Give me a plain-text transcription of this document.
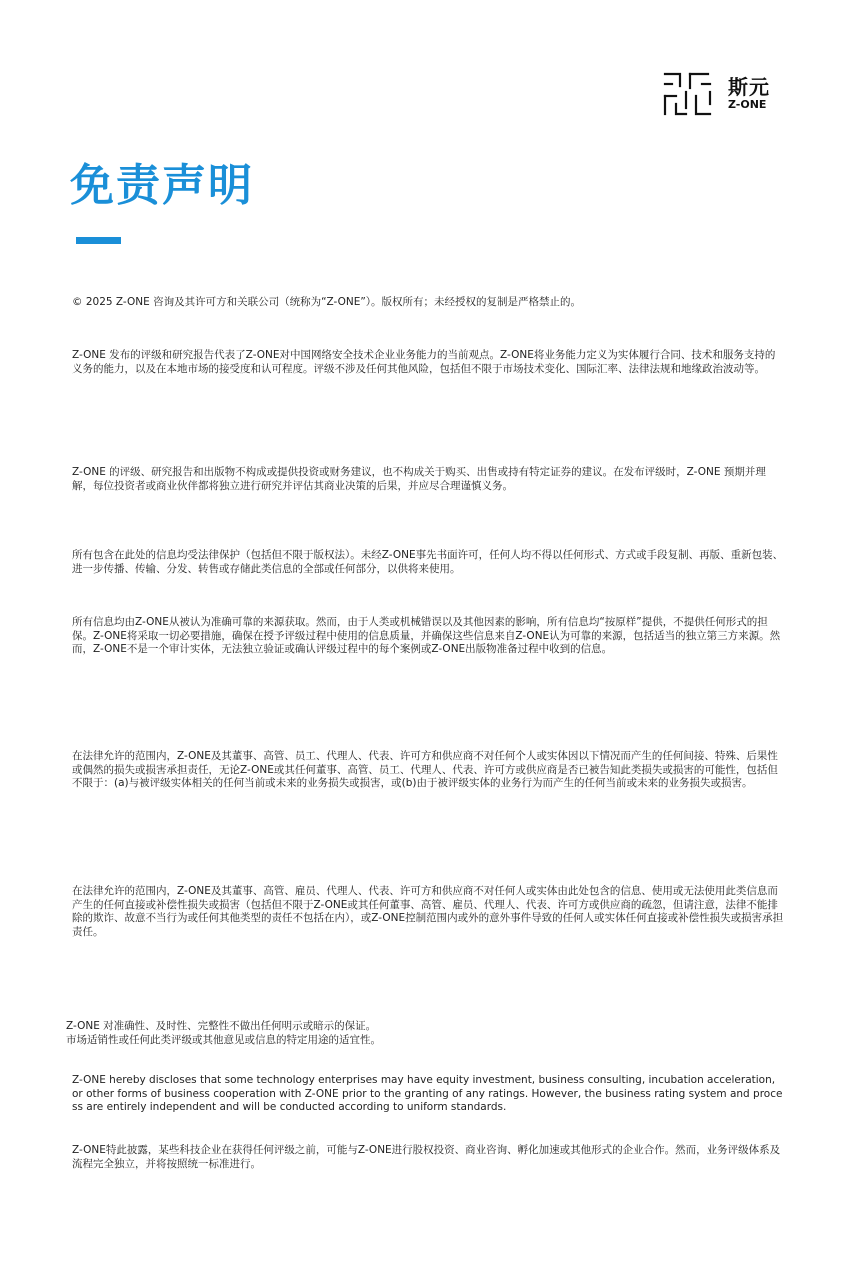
斯元
Z-ONE
免责声明

© 2025 Z-ONE 咨询及其许可方和关联公司（统称为“Z-ONE”）。版权所有；未经授权的复制是严格禁止的。

Z-ONE 发布的评级和研究报告代表了Z-ONE对中国网络安全技术企业业务能力的当前观点。Z-ONE将业务能力定义为实体履行合同、技术和服务支持的义务的能力，以及在本地市场的接受度和认可程度。评级不涉及任何其他风险，包括但不限于市场技术变化、国际汇率、法律法规和地缘政治波动等。

Z-ONE 的评级、研究报告和出版物不构成或提供投资或财务建议，也不构成关于购买、出售或持有特定证券的建议。在发布评级时，Z-ONE 预期并理解，每位投资者或商业伙伴都将独立进行研究并评估其商业决策的后果，并应尽合理谨慎义务。

所有包含在此处的信息均受法律保护（包括但不限于版权法）。未经Z-ONE事先书面许可，任何人均不得以任何形式、方式或手段复制、再版、重新包装、进一步传播、传输、分发、转售或存储此类信息的全部或任何部分，以供将来使用。

所有信息均由Z-ONE从被认为准确可靠的来源获取。然而，由于人类或机械错误以及其他因素的影响，所有信息均“按原样”提供，不提供任何形式的担保。Z-ONE将采取一切必要措施，确保在授予评级过程中使用的信息质量，并确保这些信息来自Z-ONE认为可靠的来源，包括适当的独立第三方来源。然而，Z-ONE不是一个审计实体，无法独立验证或确认评级过程中的每个案例或Z-ONE出版物准备过程中收到的信息。

在法律允许的范围内，Z-ONE及其董事、高管、员工、代理人、代表、许可方和供应商不对任何个人或实体因以下情况而产生的任何间接、特殊、后果性或偶然的损失或损害承担责任，无论Z-ONE或其任何董事、高管、员工、代理人、代表、许可方或供应商是否已被告知此类损失或损害的可能性，包括但不限于：(a)与被评级实体相关的任何当前或未来的业务损失或损害，或(b)由于被评级实体的业务行为而产生的任何当前或未来的业务损失或损害。

在法律允许的范围内，Z-ONE及其董事、高管、雇员、代理人、代表、许可方和供应商不对任何人或实体由此处包含的信息、使用或无法使用此类信息而产生的任何直接或补偿性损失或损害（包括但不限于Z-ONE或其任何董事、高管、雇员、代理人、代表、许可方或供应商的疏忽，但请注意，法律不能排除的欺诈、故意不当行为或任何其他类型的责任不包括在内），或Z-ONE控制范围内或外的意外事件导致的任何人或实体任何直接或补偿性损失或损害承担责任。

Z-ONE 对准确性、及时性、完整性不做出任何明示或暗示的保证。
市场适销性或任何此类评级或其他意见或信息的特定用途的适宜性。

Z-ONE hereby discloses that some technology enterprises may have equity investment, business consulting, incubation acceleration, or other forms of business cooperation with Z-ONE prior to the granting of any ratings. However, the business rating system and process are entirely independent and will be conducted according to uniform standards.

Z-ONE特此披露，某些科技企业在获得任何评级之前，可能与Z-ONE进行股权投资、商业咨询、孵化加速或其他形式的企业合作。然而，业务评级体系及流程完全独立，并将按照统一标准进行。
